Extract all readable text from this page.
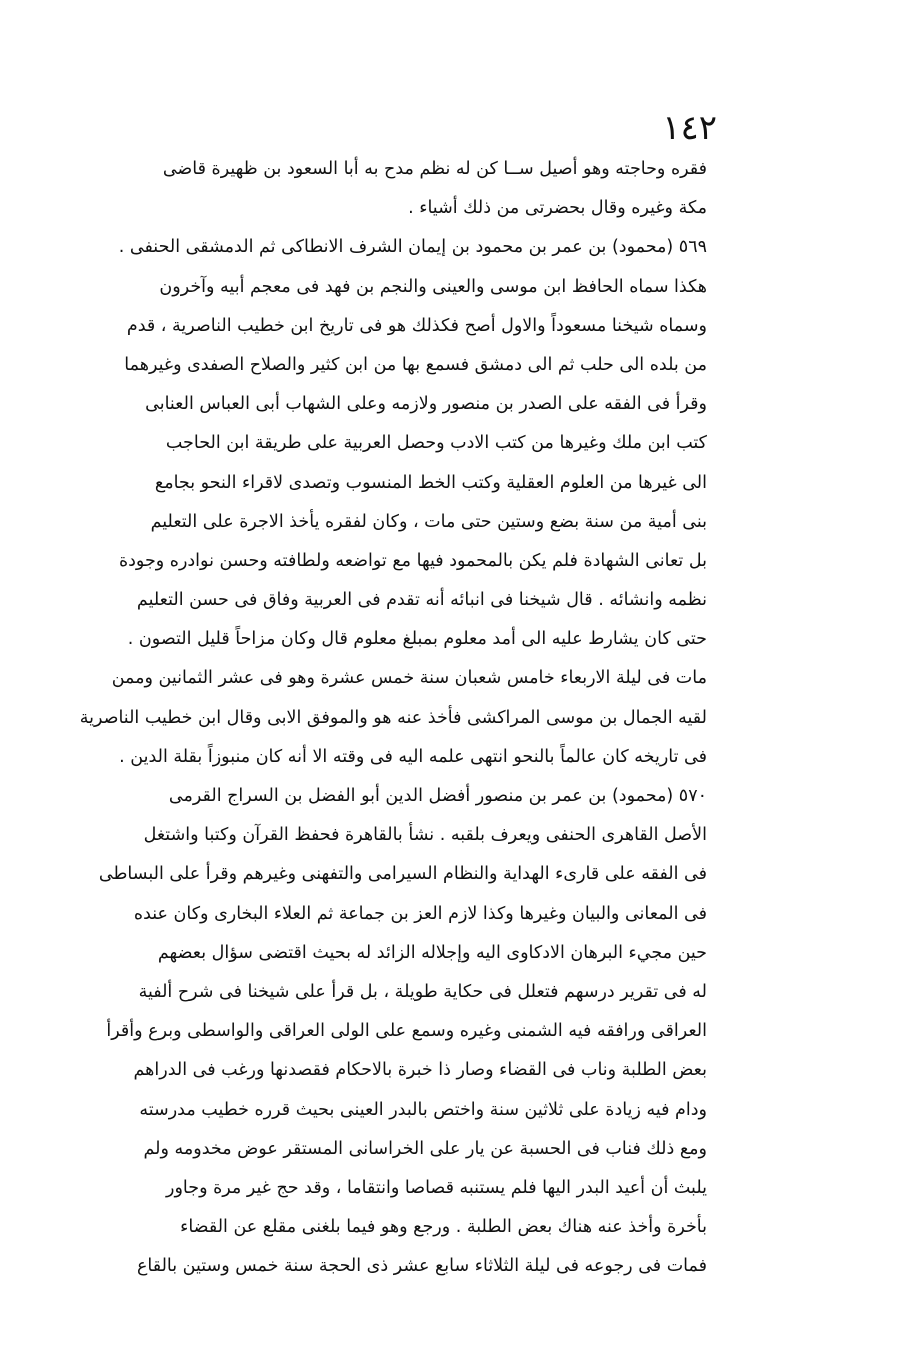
١٤٢
فقره وحاجته وهو أصيل ســا كن له نظم مدح به أبا السعود بن ظهيرة قاضى
مكة وغيره وقال بحضرتى من ذلك أشياء .
٥٦٩ (محمود) بن عمر بن محمود بن إيمان الشرف الانطاكى ثم الدمشقى الحنفى .
هكذا سماه الحافظ ابن موسى والعينى والنجم بن فهد فى معجم أبيه وآخرون
وسماه شيخنا مسعوداً والاول أصح فكذلك هو فى تاريخ ابن خطيب الناصرية ، قدم
من بلده الى حلب ثم الى دمشق فسمع بها من ابن كثير والصلاح الصفدى وغيرهما
وقرأ فى الفقه على الصدر بن منصور ولازمه وعلى الشهاب أبى العباس العنابى
كتب ابن ملك وغيرها من كتب الادب وحصل العربية على طريقة ابن الحاجب
الى غيرها من العلوم العقلية وكتب الخط المنسوب وتصدى لاقراء النحو بجامع
بنى أمية من سنة بضع وستين حتى مات ، وكان لفقره يأخذ الاجرة على التعليم
بل تعانى الشهادة فلم يكن بالمحمود فيها مع تواضعه ولطافته وحسن نوادره وجودة
نظمه وانشائه . قال شيخنا فى انبائه أنه تقدم فى العربية وفاق فى حسن التعليم
حتى كان يشارط عليه الى أمد معلوم بمبلغ معلوم قال وكان مزاحاً قليل التصون .
مات فى ليلة الاربعاء خامس شعبان سنة خمس عشرة وهو فى عشر الثمانين وممن
لقيه الجمال بن موسى المراكشى فأخذ عنه هو والموفق الابى وقال ابن خطيب الناصرية
فى تاريخه كان عالماً بالنحو انتهى علمه اليه فى وقته الا أنه كان منبوزاً بقلة الدين .
٥٧٠ (محمود) بن عمر بن منصور أفضل الدين أبو الفضل بن السراج القرمى
الأصل القاهرى الحنفى ويعرف بلقبه . نشأ بالقاهرة فحفظ القرآن وكتبا واشتغل
فى الفقه على قارىء الهداية والنظام السيرامى والتفهنى وغيرهم وقرأ على البساطى
فى المعانى والبيان وغيرها وكذا لازم العز بن جماعة ثم العلاء البخارى وكان عنده
حين مجيء البرهان الادكاوى اليه وإجلاله الزائد له بحيث اقتضى سؤال بعضهم
له فى تقرير درسهم فتعلل فى حكاية طويلة ، بل قرأ على شيخنا فى شرح ألفية
العراقى ورافقه فيه الشمنى وغيره وسمع على الولى العراقى والواسطى وبرع وأقرأ
بعض الطلبة وناب فى القضاء وصار ذا خبرة بالاحكام فقصدنها ورغب فى الدراهم
ودام فيه زيادة على ثلاثين سنة واختص بالبدر العينى بحيث قرره خطيب مدرسته
ومع ذلك فناب فى الحسبة عن يار على الخراسانى المستقر عوض مخدومه ولم
يلبث أن أعيد البدر اليها فلم يستنبه قصاصا وانتقاما ، وقد حج غير مرة وجاور
بأخرة وأخذ عنه هناك بعض الطلبة . ورجع وهو فيما بلغنى مقلع عن القضاء
فمات فى رجوعه فى ليلة الثلاثاء سابع عشر ذى الحجة سنة خمس وستين بالقاع
